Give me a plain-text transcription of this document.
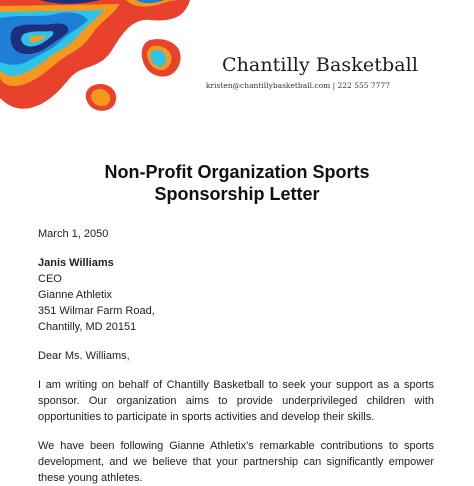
Chantilly Basketball
kristen@chantillybasketball.com | 222 555 7777
Non-Profit Organization Sports
Sponsorship Letter
March 1, 2050
Janis Williams
CEO
Gianne Athletix
351 Wilmar Farm Road,
Chantilly, MD 20151
Dear Ms. Williams,
I am writing on behalf of Chantilly Basketball to seek your support as a sports sponsor. Our organization aims to provide underprivileged children with opportunities to participate in sports activities and develop their skills.
We have been following Gianne Athletix's remarkable contributions to sports development, and we believe that your partnership can significantly empower these young athletes.
